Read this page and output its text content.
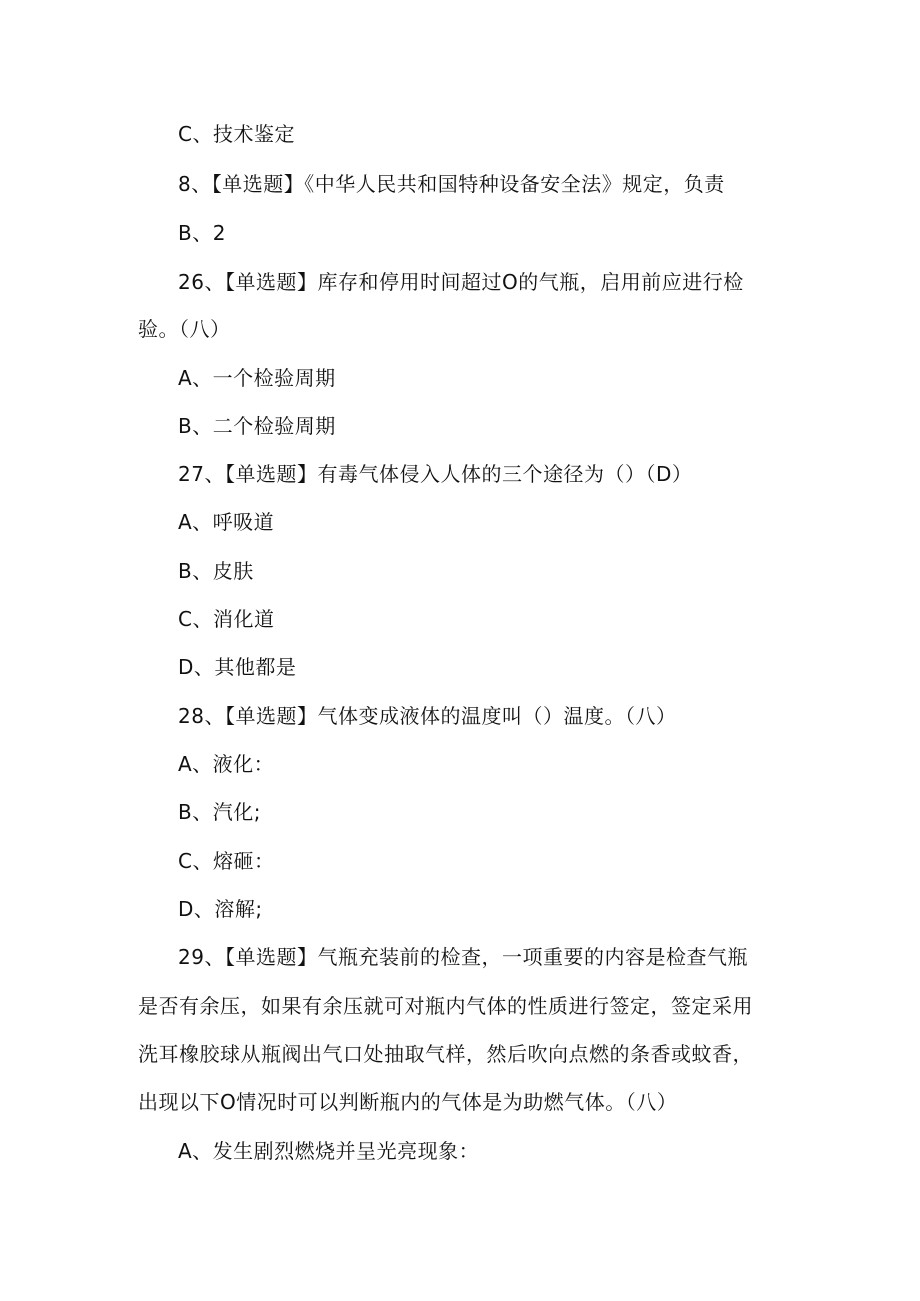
C、技术鉴定
8、【单选题】《中华人民共和国特种设备安全法》规定，负责
B、2
26、【单选题】库存和停用时间超过O的气瓶，启用前应进行检
验。（八）
A、一个检验周期
B、二个检验周期
27、【单选题】有毒气体侵入人体的三个途径为（）（D）
A、呼吸道
B、皮肤
C、消化道
D、其他都是
28、【单选题】气体变成液体的温度叫（）温度。（八）
A、液化：
B、汽化;
C、熔砸：
D、溶解;
29、【单选题】气瓶充装前的检查，一项重要的内容是检查气瓶
是否有余压，如果有余压就可对瓶内气体的性质进行签定，签定采用
洗耳橡胶球从瓶阀出气口处抽取气样，然后吹向点燃的条香或蚊香，
出现以下O情况时可以判断瓶内的气体是为助燃气体。（八）
A、发生剧烈燃烧并呈光亮现象：
